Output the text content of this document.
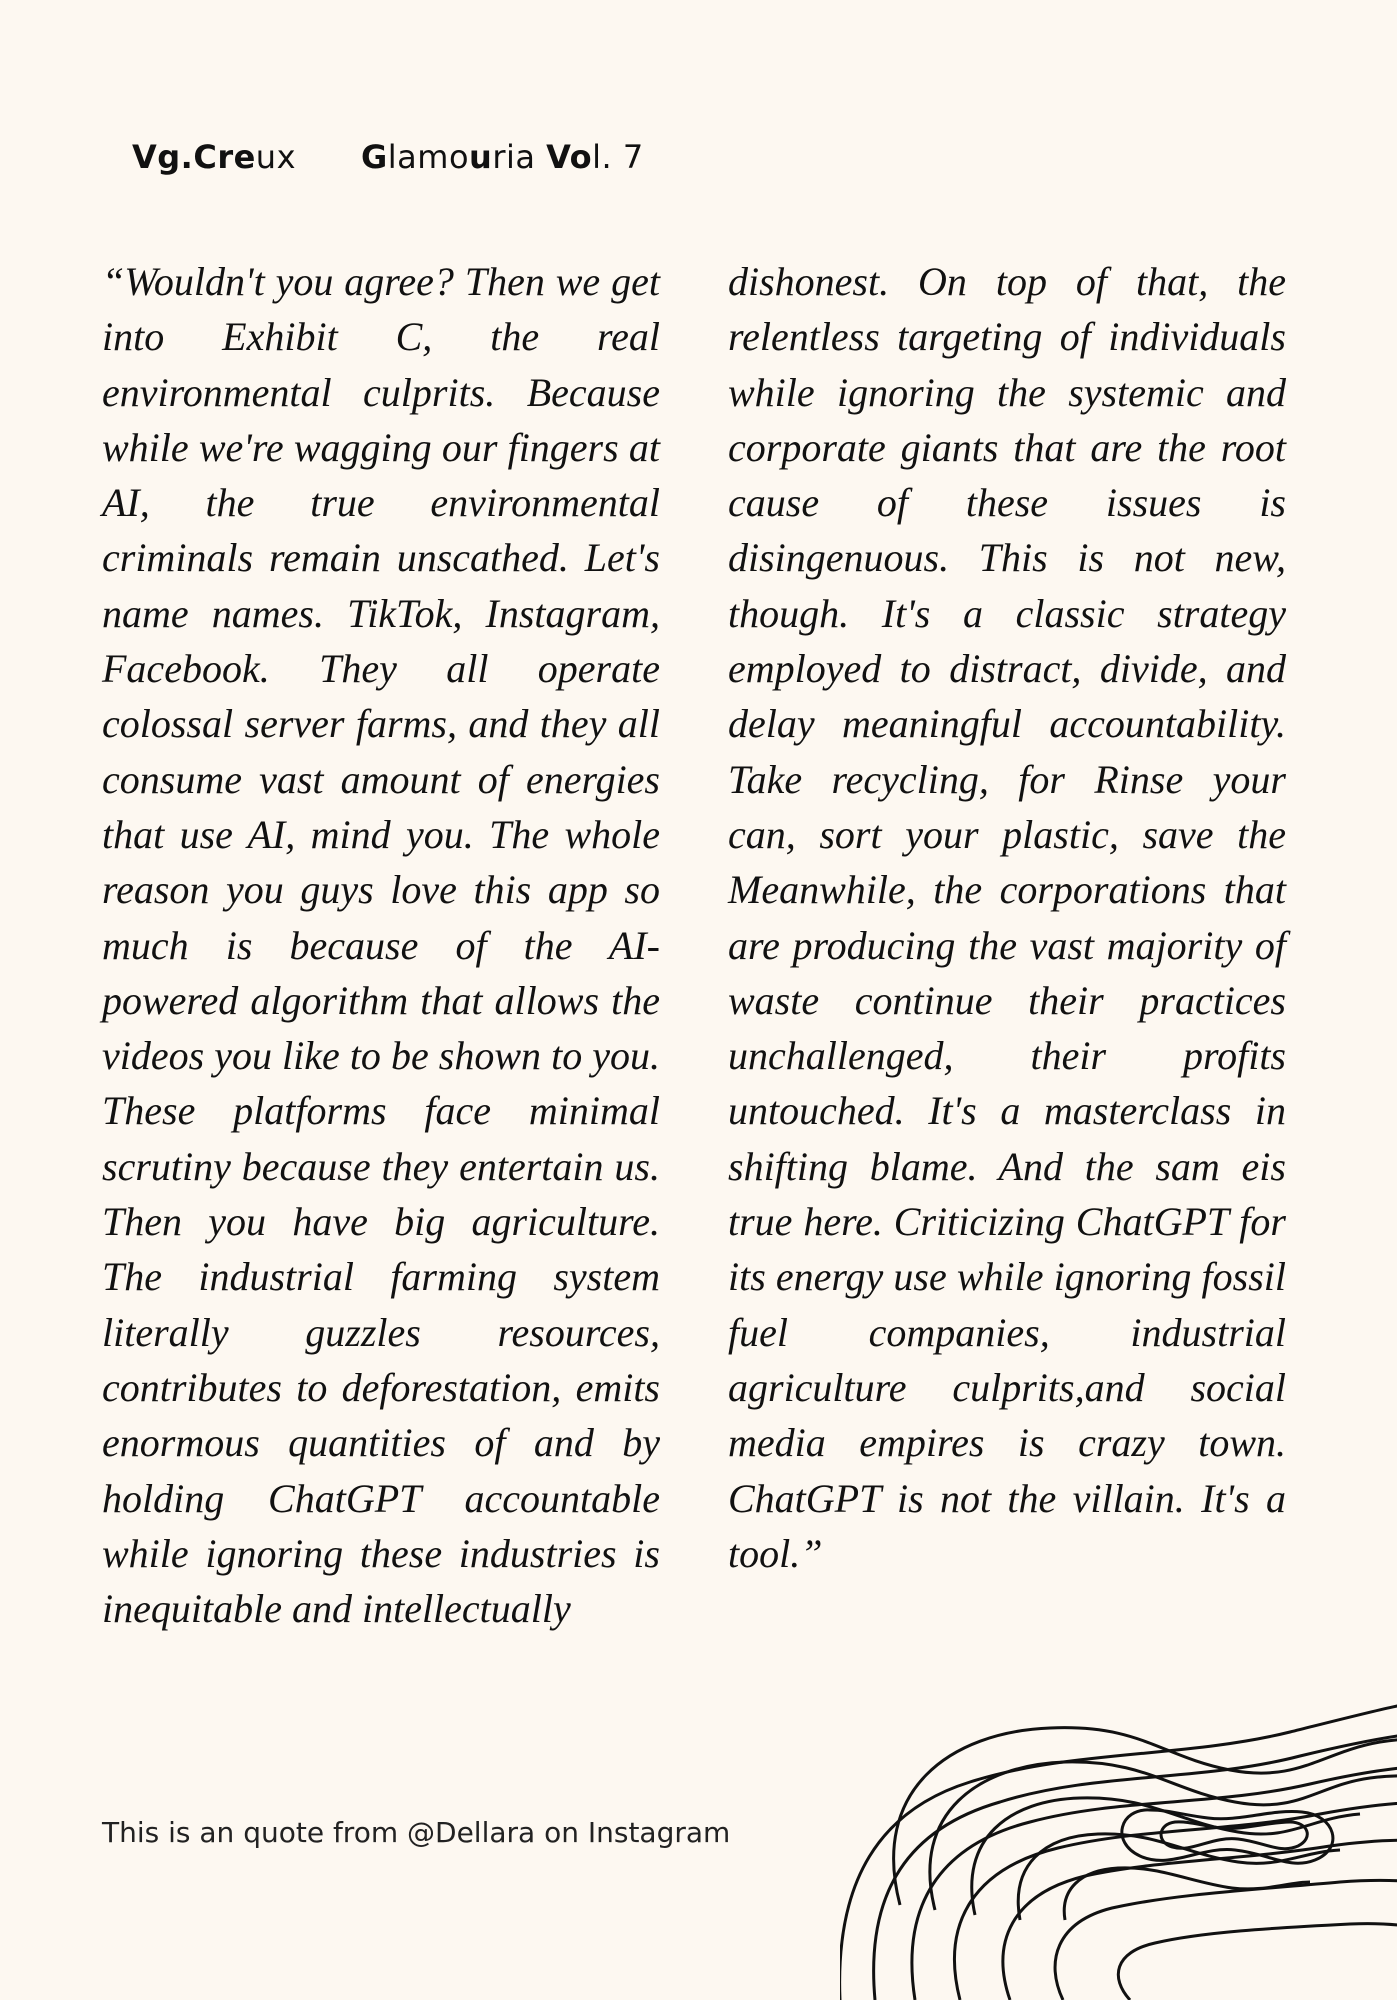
Vg.Creux Glamouria Vol. 7

“Wouldn't you agree? Then we get into Exhibit C, the real environmental culprits. Because while we're wagging our fingers at AI, the true environmental criminals remain unscathed. Let's name names. TikTok, Instagram, Facebook. They all operate colossal server farms, and they all consume vast amount of energies that use AI, mind you. The whole reason you guys love this app so much is because of the AI- powered algorithm that allows the videos you like to be shown to you. These platforms face minimal scrutiny because they entertain us. Then you have big agriculture. The industrial farming system literally guzzles resources, contributes to deforestation, emits enormous quantities of and by holding ChatGPT accountable while ignoring these industries is inequitable and intellectually

dishonest. On top of that, the relentless targeting of individuals while ignoring the systemic and corporate giants that are the root cause of these issues is disingenuous. This is not new, though. It's a classic strategy employed to distract, divide, and delay meaningful accountability. Take recycling, for Rinse your can, sort your plastic, save the Meanwhile, the corporations that are producing the vast majority of waste continue their practices unchallenged, their profits untouched. It's a masterclass in shifting blame. And the sam eis true here. Criticizing ChatGPT for its energy use while ignoring fossil fuel companies, industrial agriculture culprits,and social media empires is crazy town. ChatGPT is not the villain. It's a tool.”

This is an quote from @Dellara on Instagram
